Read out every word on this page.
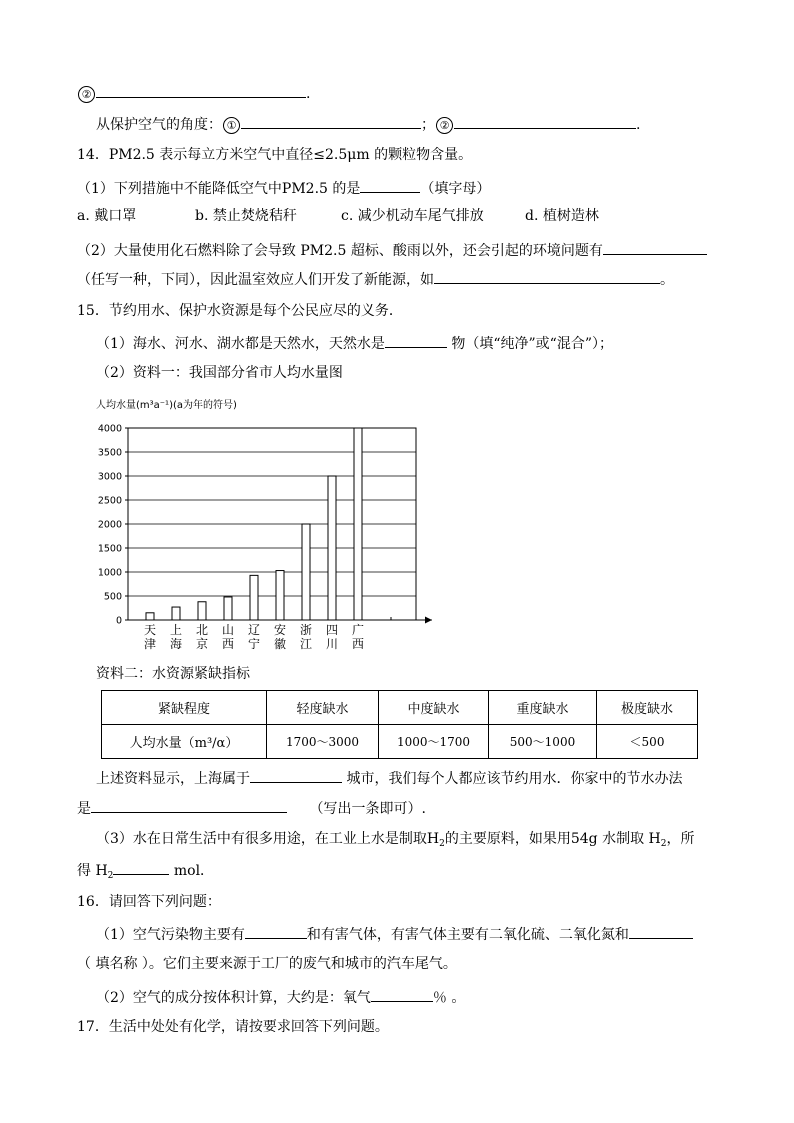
②	.
从保护空气的角度： ①	； ②	.
14．PM2.5 表示每立方米空气中直径≤2.5μm 的颗粒物含量。
（1）下列措施中不能降低空气中PM2.5 的是	（填字母）
a. 戴口罩	b. 禁止焚烧秸秆	c. 减少机动车尾气排放	d. 植树造林
（2）大量使用化石燃料除了会导致 PM2.5 超标、酸雨以外，还会引起的环境问题有
（任写一种，下同），因此温室效应人们开发了新能源，如	。
15．节约用水、保护水资源是每个公民应尽的义务．
（1）海水、河水、湖水都是天然水，天然水是	物（填“纯净”或“混合”）；
（2）资料一：我国部分省市人均水量图
人均水量(m³a⁻¹)(a为年的符号)
0
500
1000
1500
2000
2500
3000
3500
4000
天
津
上
海
北
京
山
西
辽
宁
安
徽
浙
江
四
川
广
西
资料二：水资源紧缺指标
紧缺程度	轻度缺水	中度缺水	重度缺水	极度缺水
人均水量（m³/α）	1700～3000	1000～1700	500～1000	＜500
上述资料显示，上海属于	城市，我们每个人都应该节约用水．你家中的节水办法
是	（写出一条即可）.
（3）水在日常生活中有很多用途，在工业上水是制取$H_2$的主要原料，如果用54g 水制取 $H_2$，所
得 $H_2$	mol．
16．请回答下列问题：
（1）空气污染物主要有	和有害气体，有害气体主要有二氧化硫、二氧化氮和
（ 填名称 ）。它们主要来源于工厂的废气和城市的汽车尾气。
（2）空气的成分按体积计算，大约是：氧气	％ 。
17．生活中处处有化学，请按要求回答下列问题。
